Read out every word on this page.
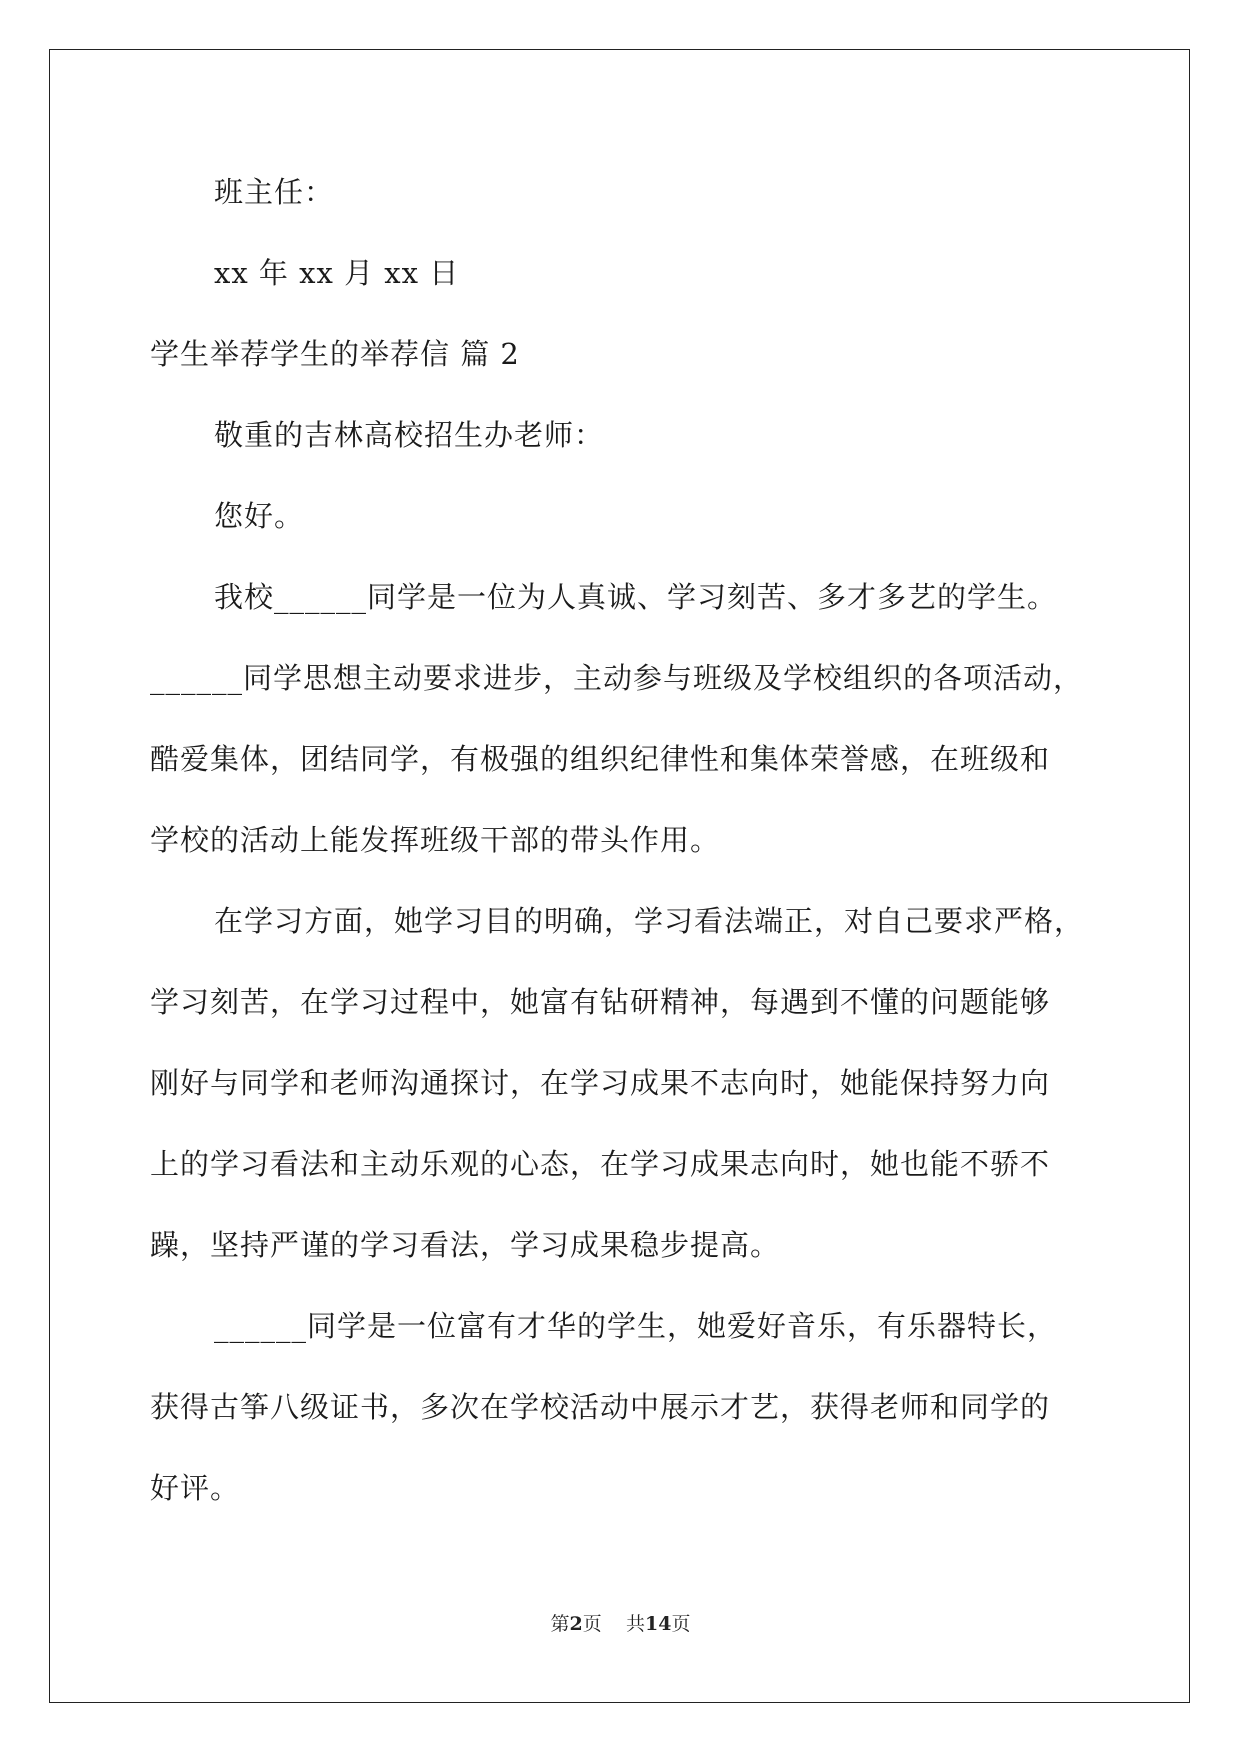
班主任：
xx 年 xx 月 xx 日
学生举荐学生的举荐信 篇 2
敬重的吉林高校招生办老师：
您好。
我校______同学是一位为人真诚、学习刻苦、多才多艺的学生。
______同学思想主动要求进步，主动参与班级及学校组织的各项活动，
酷爱集体，团结同学，有极强的组织纪律性和集体荣誉感，在班级和
学校的活动上能发挥班级干部的带头作用。
在学习方面，她学习目的明确，学习看法端正，对自己要求严格，
学习刻苦，在学习过程中，她富有钻研精神，每遇到不懂的问题能够
刚好与同学和老师沟通探讨，在学习成果不志向时，她能保持努力向
上的学习看法和主动乐观的心态，在学习成果志向时，她也能不骄不
躁，坚持严谨的学习看法，学习成果稳步提高。
______同学是一位富有才华的学生，她爱好音乐，有乐器特长，
获得古筝八级证书，多次在学校活动中展示才艺，获得老师和同学的
好评。
第2页 共14页
